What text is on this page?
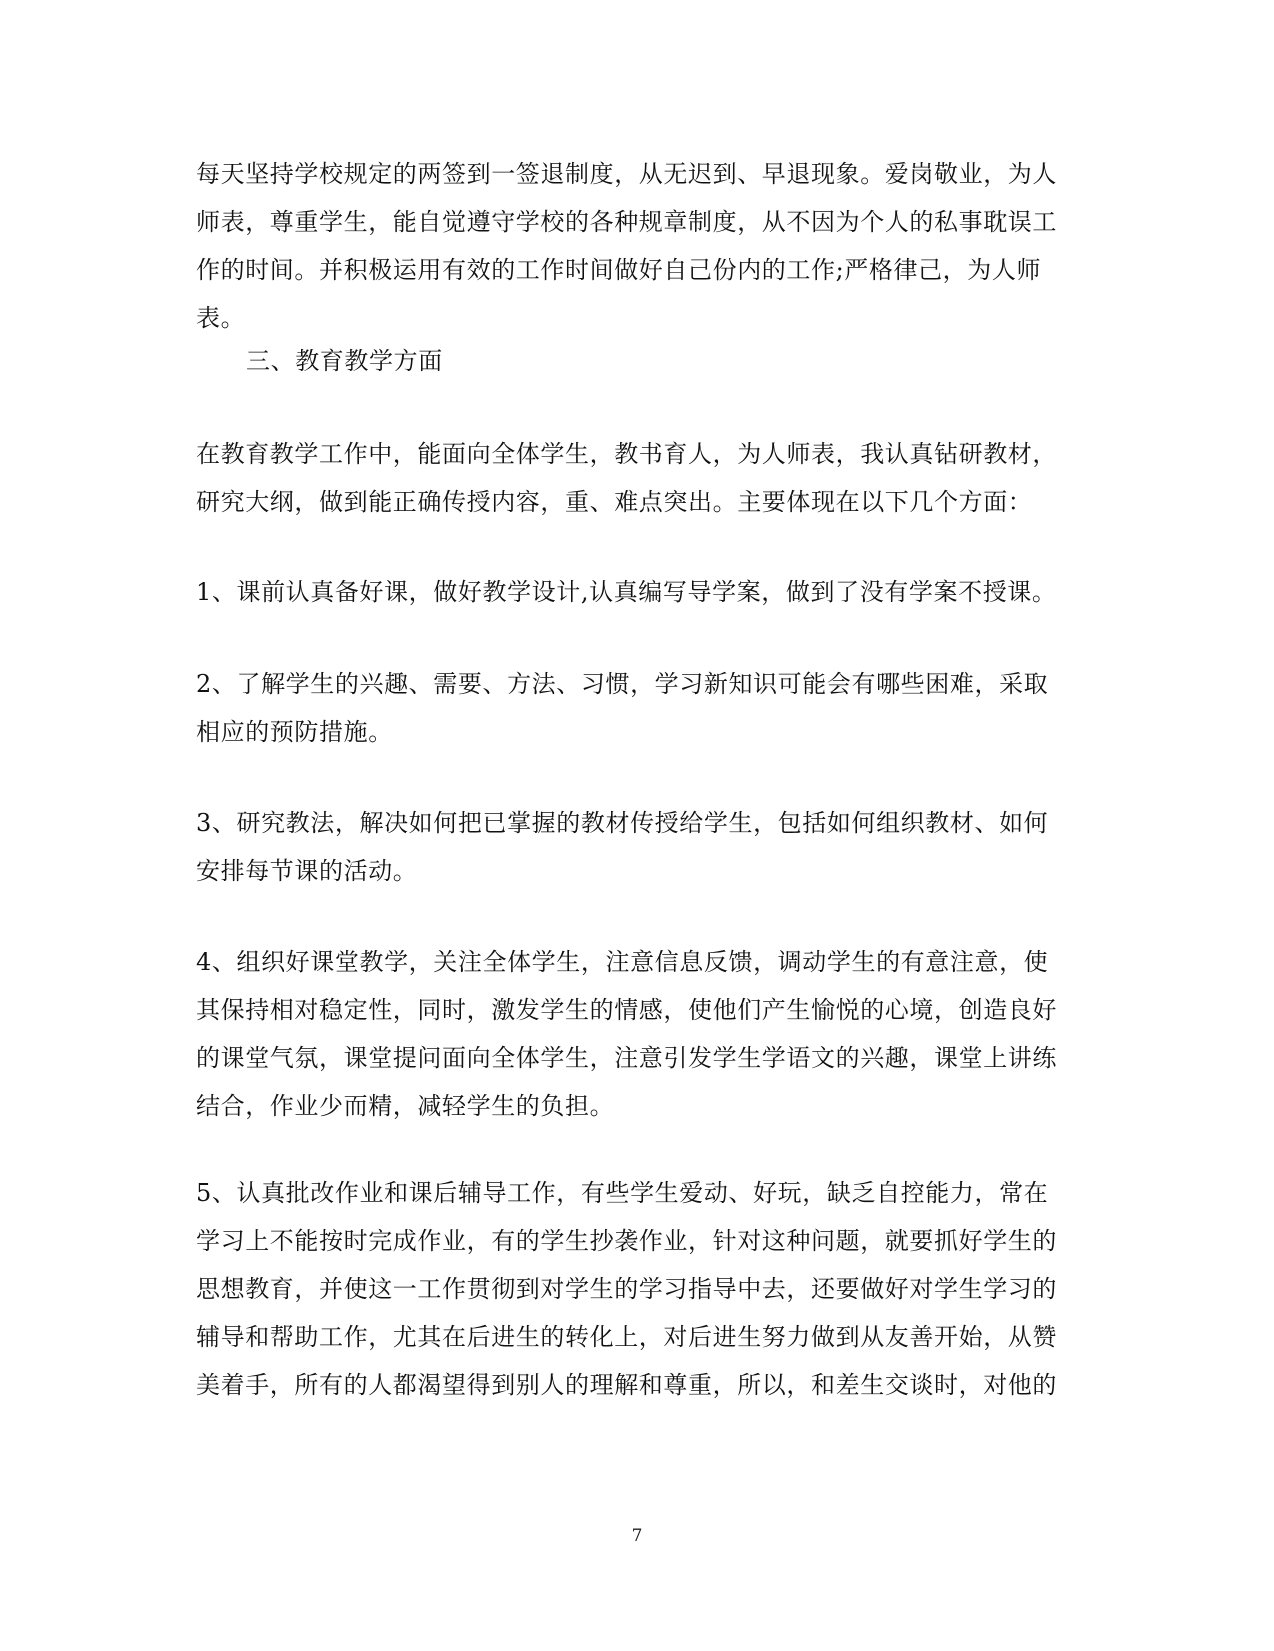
每天坚持学校规定的两签到一签退制度，从无迟到、早退现象。爱岗敬业，为人
师表，尊重学生，能自觉遵守学校的各种规章制度，从不因为个人的私事耽误工
作的时间。并积极运用有效的工作时间做好自己份内的工作;严格律己，为人师
表。
三、教育教学方面
在教育教学工作中，能面向全体学生，教书育人，为人师表，我认真钻研教材，
研究大纲，做到能正确传授内容，重、难点突出。主要体现在以下几个方面：
1、课前认真备好课，做好教学设计,认真编写导学案，做到了没有学案不授课。
2、了解学生的兴趣、需要、方法、习惯，学习新知识可能会有哪些困难，采取
相应的预防措施。
3、研究教法，解决如何把已掌握的教材传授给学生，包括如何组织教材、如何
安排每节课的活动。
4、组织好课堂教学，关注全体学生，注意信息反馈，调动学生的有意注意，使
其保持相对稳定性，同时，激发学生的情感，使他们产生愉悦的心境，创造良好
的课堂气氛，课堂提问面向全体学生，注意引发学生学语文的兴趣，课堂上讲练
结合，作业少而精，减轻学生的负担。
5、认真批改作业和课后辅导工作，有些学生爱动、好玩，缺乏自控能力，常在
学习上不能按时完成作业，有的学生抄袭作业，针对这种问题，就要抓好学生的
思想教育，并使这一工作贯彻到对学生的学习指导中去，还要做好对学生学习的
辅导和帮助工作，尤其在后进生的转化上，对后进生努力做到从友善开始，从赞
美着手，所有的人都渴望得到别人的理解和尊重，所以，和差生交谈时，对他的
7
